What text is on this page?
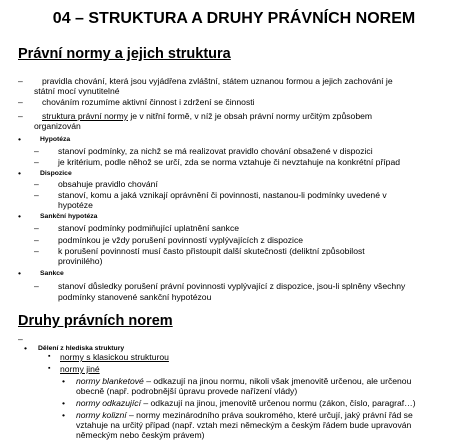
04 – STRUKTURA A DRUHY PRÁVNÍCH NOREM
Právní normy a jejich struktura
– pravidla chování, která jsou vyjádřena zvláštní, státem uznanou formou a jejich zachování je
státní mocí vynutitelné
– chováním rozumíme aktivní činnost i zdržení se činnosti
– struktura právní normy je v nitřní formě, v níž je obsah právní normy určitým způsobem
organizován
•	Hypotéza
– stanoví podmínky, za nichž se má realizovat pravidlo chování obsažené v dispozici
– je kritérium, podle něhož se určí, zda se norma vztahuje či nevztahuje na konkrétní případ
•	Dispozice
– obsahuje pravidlo chování
– stanoví, komu a jaká vznikají oprávnění či povinnosti, nastanou-li podmínky uvedené v
hypotéze
•	Sankční hypotéza
– stanoví podmínky podmiňující uplatnění sankce
– podmínkou je vždy porušení povinností vyplývajících z dispozice
– k porušení povinností musí často přistoupit další skutečnosti (deliktní způsobilost
provinilého)
•	Sankce
– stanoví důsledky porušení právní povinnosti vyplývající z dispozice, jsou-li splněny všechny
podmínky stanovené sankční hypotézou
Druhy právních norem
–
• Dělení z hlediska struktury
▪ normy s klasickou strukturou
▪ normy jiné
• normy blanketové – odkazují na jinou normu, nikoli však jmenovitě určenou, ale určenou
obecně (např. podrobnější úpravu provede nařízení vlády)
• normy odkazující – odkazují na jinou, jmenovitě určenou normu (zákon, číslo, paragraf…)
• normy kolizní – normy mezinárodního práva soukromého, které určují, jaký právní řád se
vztahuje na určitý případ (např. vztah mezi německým a českým řádem bude upravován
německým nebo českým právem)
